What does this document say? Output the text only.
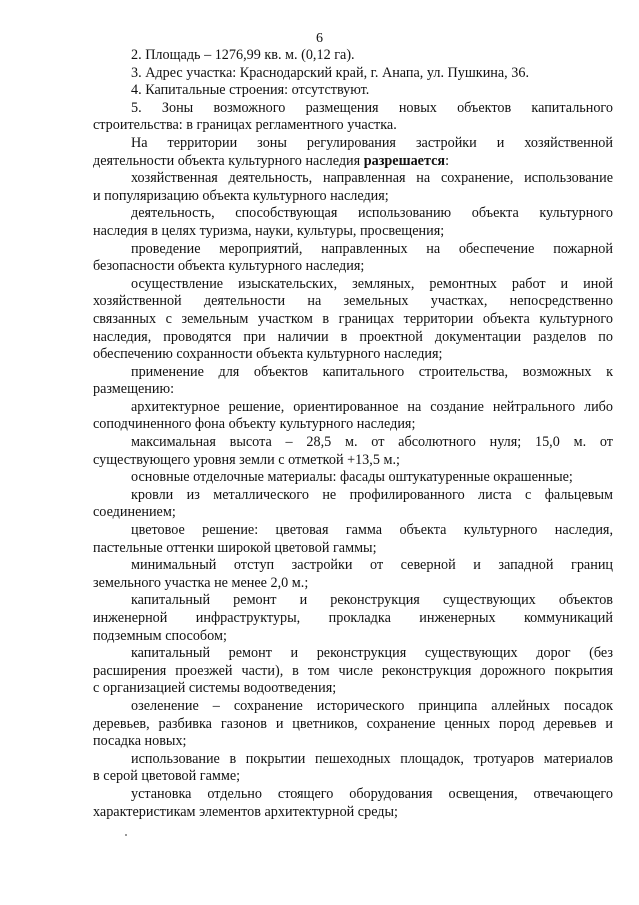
6
2. Площадь – 1276,99 кв. м. (0,12 га).
3. Адрес участка: Краснодарский край, г. Анапа, ул. Пушкина, 36.
4. Капитальные строения: отсутствуют.
5. Зоны возможного размещения новых объектов капитального
строительства: в границах регламентного участка.
На территории зоны регулирования застройки и хозяйственной
деятельности объекта культурного наследия разрешается:
хозяйственная деятельность, направленная на сохранение, использование
и популяризацию объекта культурного наследия;
деятельность, способствующая использованию объекта культурного
наследия в целях туризма, науки, культуры, просвещения;
проведение мероприятий, направленных на обеспечение пожарной
безопасности объекта культурного наследия;
осуществление изыскательских, земляных, ремонтных работ и иной
хозяйственной деятельности на земельных участках, непосредственно
связанных с земельным участком в границах территории объекта культурного
наследия, проводятся при наличии в проектной документации разделов по
обеспечению сохранности объекта культурного наследия;
применение для объектов капитального строительства, возможных к
размещению:
архитектурное решение, ориентированное на создание нейтрального либо
соподчиненного фона объекту культурного наследия;
максимальная высота – 28,5 м. от абсолютного нуля; 15,0 м. от
существующего уровня земли с отметкой +13,5 м.;
основные отделочные материалы: фасады оштукатуренные окрашенные;
кровли из металлического не профилированного листа с фальцевым
соединением;
цветовое решение: цветовая гамма объекта культурного наследия,
пастельные оттенки широкой цветовой гаммы;
минимальный отступ застройки от северной и западной границ
земельного участка не менее 2,0 м.;
капитальный ремонт и реконструкция существующих объектов
инженерной инфраструктуры, прокладка инженерных коммуникаций
подземным способом;
капитальный ремонт и реконструкция существующих дорог (без
расширения проезжей части), в том числе реконструкция дорожного покрытия
с организацией системы водоотведения;
озеленение – сохранение исторического принципа аллейных посадок
деревьев, разбивка газонов и цветников, сохранение ценных пород деревьев и
посадка новых;
использование в покрытии пешеходных площадок, тротуаров материалов
в серой цветовой гамме;
установка отдельно стоящего оборудования освещения, отвечающего
характеристикам элементов архитектурной среды;
